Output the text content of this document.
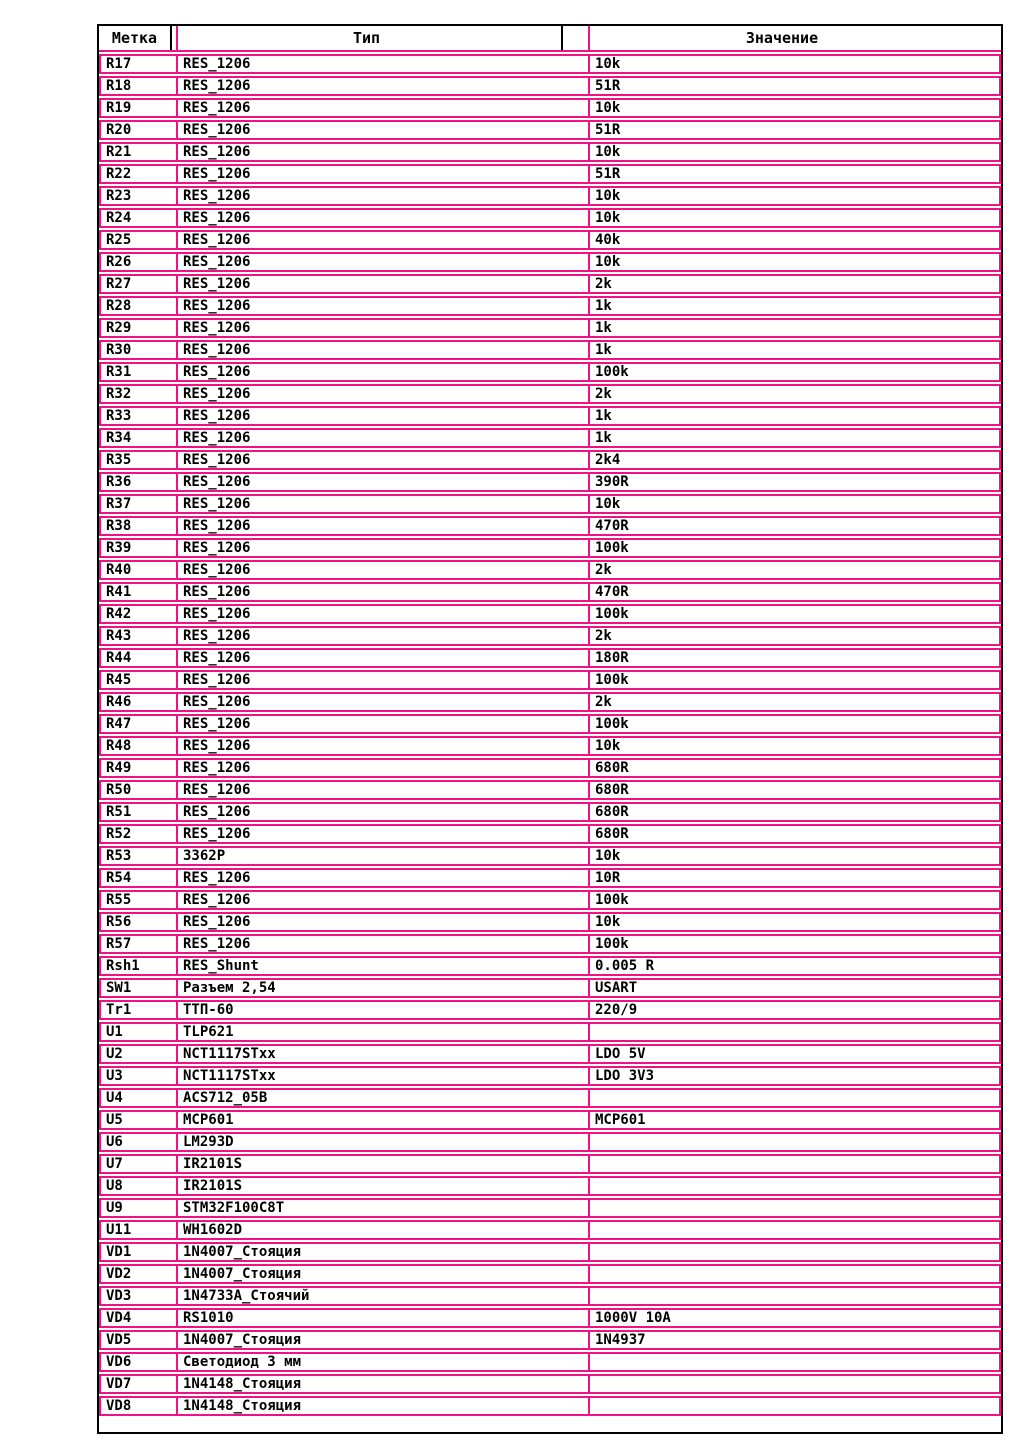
Метка	Тип	Значение
R17	RES_1206	10k
R18	RES_1206	51R
R19	RES_1206	10k
R20	RES_1206	51R
R21	RES_1206	10k
R22	RES_1206	51R
R23	RES_1206	10k
R24	RES_1206	10k
R25	RES_1206	40k
R26	RES_1206	10k
R27	RES_1206	2k
R28	RES_1206	1k
R29	RES_1206	1k
R30	RES_1206	1k
R31	RES_1206	100k
R32	RES_1206	2k
R33	RES_1206	1k
R34	RES_1206	1k
R35	RES_1206	2k4
R36	RES_1206	390R
R37	RES_1206	10k
R38	RES_1206	470R
R39	RES_1206	100k
R40	RES_1206	2k
R41	RES_1206	470R
R42	RES_1206	100k
R43	RES_1206	2k
R44	RES_1206	180R
R45	RES_1206	100k
R46	RES_1206	2k
R47	RES_1206	100k
R48	RES_1206	10k
R49	RES_1206	680R
R50	RES_1206	680R
R51	RES_1206	680R
R52	RES_1206	680R
R53	3362P	10k
R54	RES_1206	10R
R55	RES_1206	100k
R56	RES_1206	10k
R57	RES_1206	100k
Rsh1	RES_Shunt	0.005 R
SW1	Разъем 2,54	USART
Tr1	ТТП-60	220/9
U1	TLP621
U2	NCT1117STxx	LDO 5V
U3	NCT1117STxx	LDO 3V3
U4	ACS712_05B
U5	MCP601	MCP601
U6	LM293D
U7	IR2101S
U8	IR2101S
U9	STM32F100C8T
U11	WH1602D
VD1	1N4007_Стояция
VD2	1N4007_Стояция
VD3	1N4733A_Стоячий
VD4	RS1010	1000V 10A
VD5	1N4007_Стояция	1N4937
VD6	Светодиод 3 мм
VD7	1N4148_Стояция
VD8	1N4148_Стояция
